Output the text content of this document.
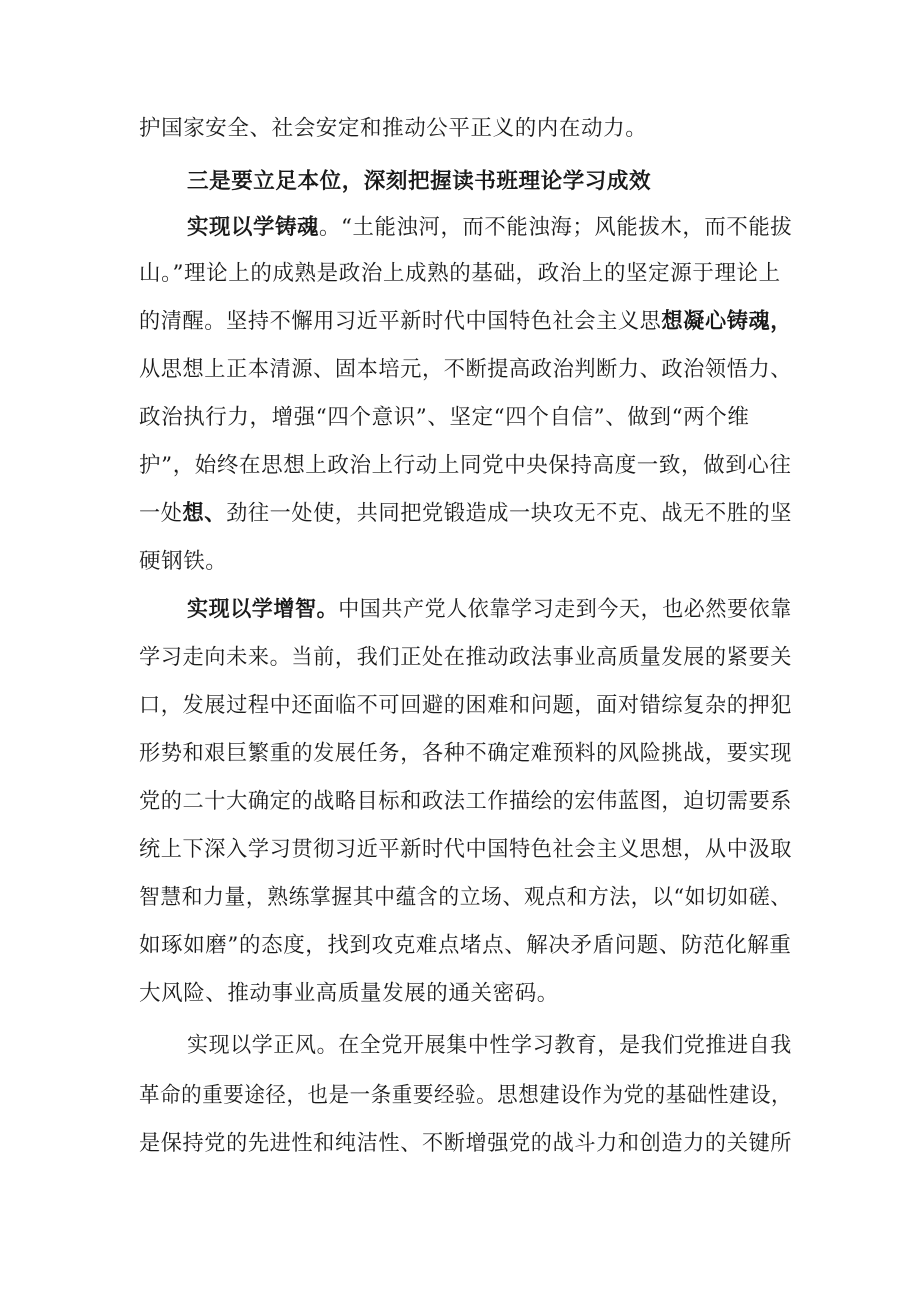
护国家安全、社会安定和推动公平正义的内在动力。
三是要立足本位，深刻把握读书班理论学习成效
实现以学铸魂。“土能浊河，而不能浊海；风能拔木，而不能拔
山。”理论上的成熟是政治上成熟的基础，政治上的坚定源于理论上
的清醒。坚持不懈用习近平新时代中国特色社会主义思想凝心铸魂，
从思想上正本清源、固本培元，不断提高政治判断力、政治领悟力、
政治执行力，增强“四个意识”、坚定“四个自信”、做到“两个维
护”，始终在思想上政治上行动上同党中央保持高度一致，做到心往
一处想、劲往一处使，共同把党锻造成一块攻无不克、战无不胜的坚
硬钢铁。
实现以学增智。中国共产党人依靠学习走到今天，也必然要依靠
学习走向未来。当前，我们正处在推动政法事业高质量发展的紧要关
口，发展过程中还面临不可回避的困难和问题，面对错综复杂的押犯
形势和艰巨繁重的发展任务，各种不确定难预料的风险挑战，要实现
党的二十大确定的战略目标和政法工作描绘的宏伟蓝图，迫切需要系
统上下深入学习贯彻习近平新时代中国特色社会主义思想，从中汲取
智慧和力量，熟练掌握其中蕴含的立场、观点和方法，以“如切如磋、
如琢如磨”的态度，找到攻克难点堵点、解决矛盾问题、防范化解重
大风险、推动事业高质量发展的通关密码。
实现以学正风。在全党开展集中性学习教育，是我们党推进自我
革命的重要途径，也是一条重要经验。思想建设作为党的基础性建设，
是保持党的先进性和纯洁性、不断增强党的战斗力和创造力的关键所
